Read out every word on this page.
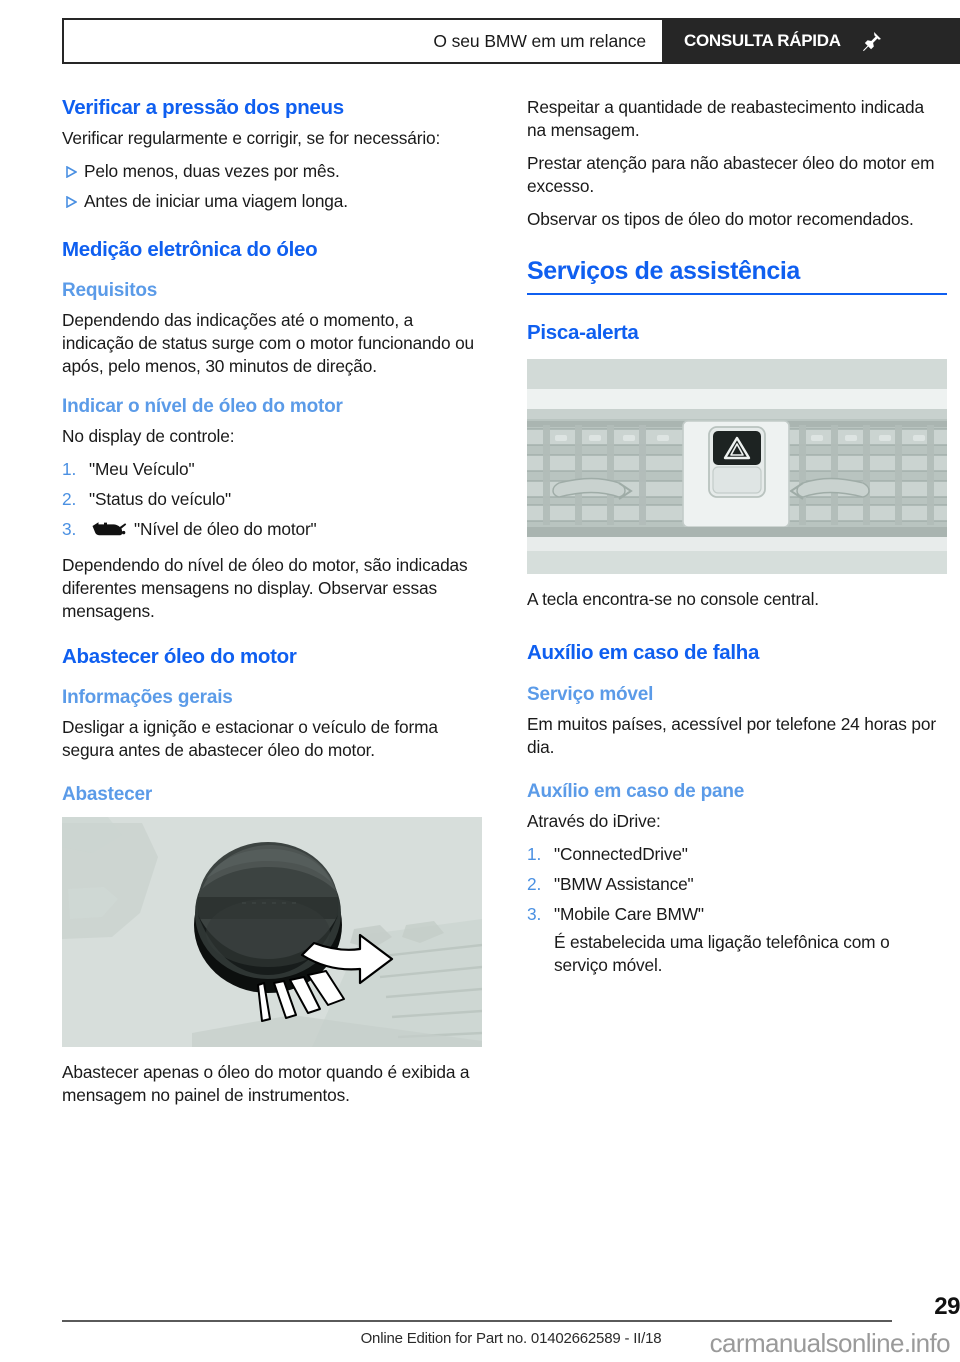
O seu BMW em um relance CONSULTA RÁPIDA
Verificar a pressão dos pneus

Verificar regularmente e corrigir, se for necessário:

Pelo menos, duas vezes por mês.
Antes de iniciar uma viagem longa.
Medição eletrônica do óleo
Requisitos

Dependendo das indicações até o momento, a indicação de status surge com o motor funcionando ou após, pelo menos, 30 minutos de direção.

Indicar o nível de óleo do motor

No display de controle:

1. "Meu Veículo"
2. "Status do veículo"
3.	"Nível de óleo do motor"

Dependendo do nível de óleo do motor, são indicadas diferentes mensagens no display. Observar essas mensagens.

Abastecer óleo do motor
Informações gerais

Desligar a ignição e estacionar o veículo de forma segura antes de abastecer óleo do motor.

Abastecer

Abastecer apenas o óleo do motor quando é exibida a mensagem no painel de instrumentos.

Respeitar a quantidade de reabastecimento indicada na mensagem.

Prestar atenção para não abastecer óleo do motor em excesso.

Observar os tipos de óleo do motor recomendados.

Serviços de assistência
Pisca-alerta

A tecla encontra-se no console central.

Auxílio em caso de falha
Serviço móvel

Em muitos países, acessível por telefone 24 horas por dia.

Auxílio em caso de pane

Através do iDrive:

1. "ConnectedDrive"
2. "BMW Assistance"
3. "Mobile Care BMW"
É estabelecida uma ligação telefônica com o serviço móvel.
29
Online Edition for Part no. 01402662589 - II/18	carmanualsonline.info
